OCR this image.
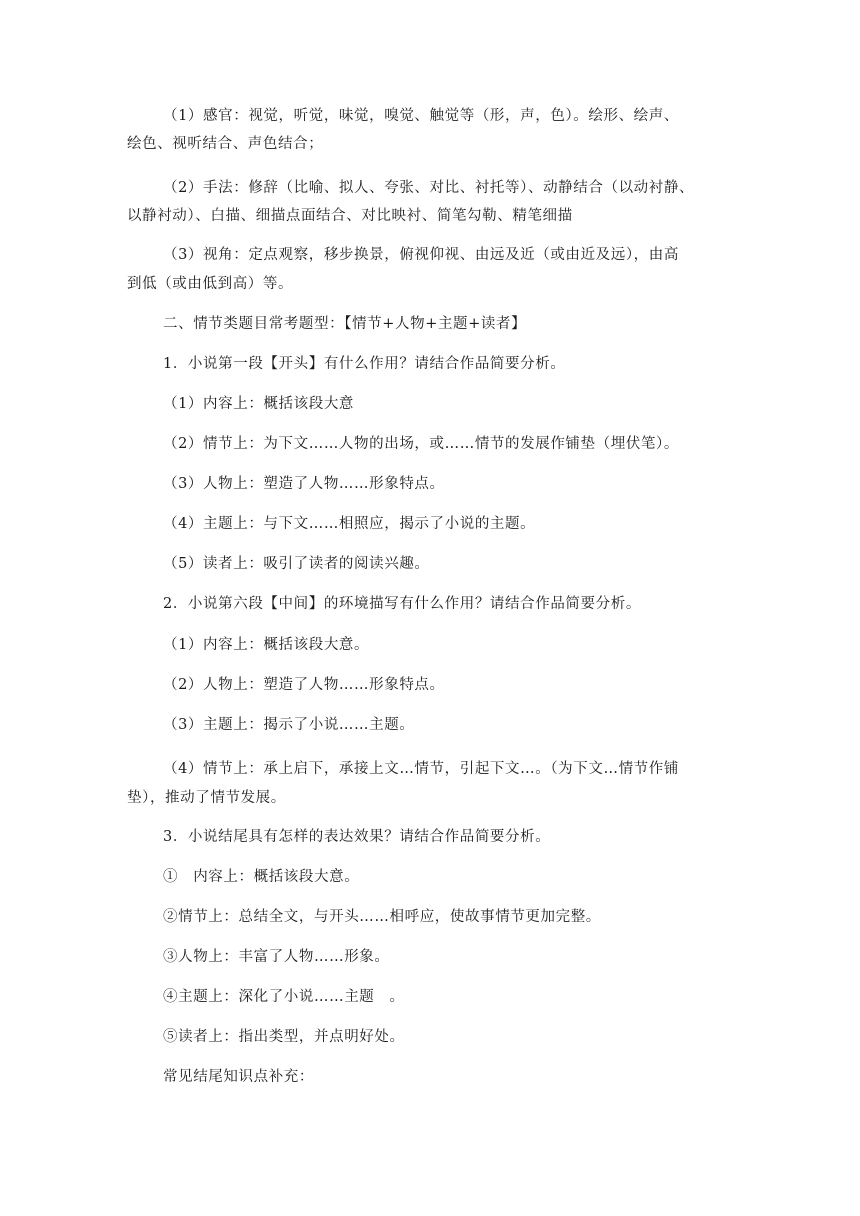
（1）感官：视觉，听觉，味觉，嗅觉、触觉等（形，声，色）。绘形、绘声、
绘色、视听结合、声色结合；
（2）手法：修辞（比喻、拟人、夸张、对比、衬托等）、动静结合（以动衬静、
以静衬动）、白描、细描点面结合、对比映衬、简笔勾勒、精笔细描
（3）视角：定点观察，移步换景，俯视仰视、由远及近（或由近及远），由高
到低（或由低到高）等。
二、情节类题目常考题型：【情节+人物+主题+读者】
1．小说第一段【开头】有什么作用？请结合作品简要分析。
（1）内容上：概括该段大意
（2）情节上：为下文……人物的出场，或……情节的发展作铺垫（埋伏笔）。
（3）人物上：塑造了人物……形象特点。
（4）主题上：与下文……相照应，揭示了小说的主题。
（5）读者上：吸引了读者的阅读兴趣。
2．小说第六段【中间】的环境描写有什么作用？请结合作品简要分析。
（1）内容上：概括该段大意。
（2）人物上：塑造了人物……形象特点。
（3）主题上：揭示了小说……主题。
（4）情节上：承上启下，承接上文…情节，引起下文…。（为下文…情节作铺
垫），推动了情节发展。
3．小说结尾具有怎样的表达效果？请结合作品简要分析。
①　内容上：概括该段大意。
②情节上：总结全文，与开头……相呼应，使故事情节更加完整。
③人物上：丰富了人物……形象。
④主题上：深化了小说……主题　。
⑤读者上：指出类型，并点明好处。
常见结尾知识点补充：
